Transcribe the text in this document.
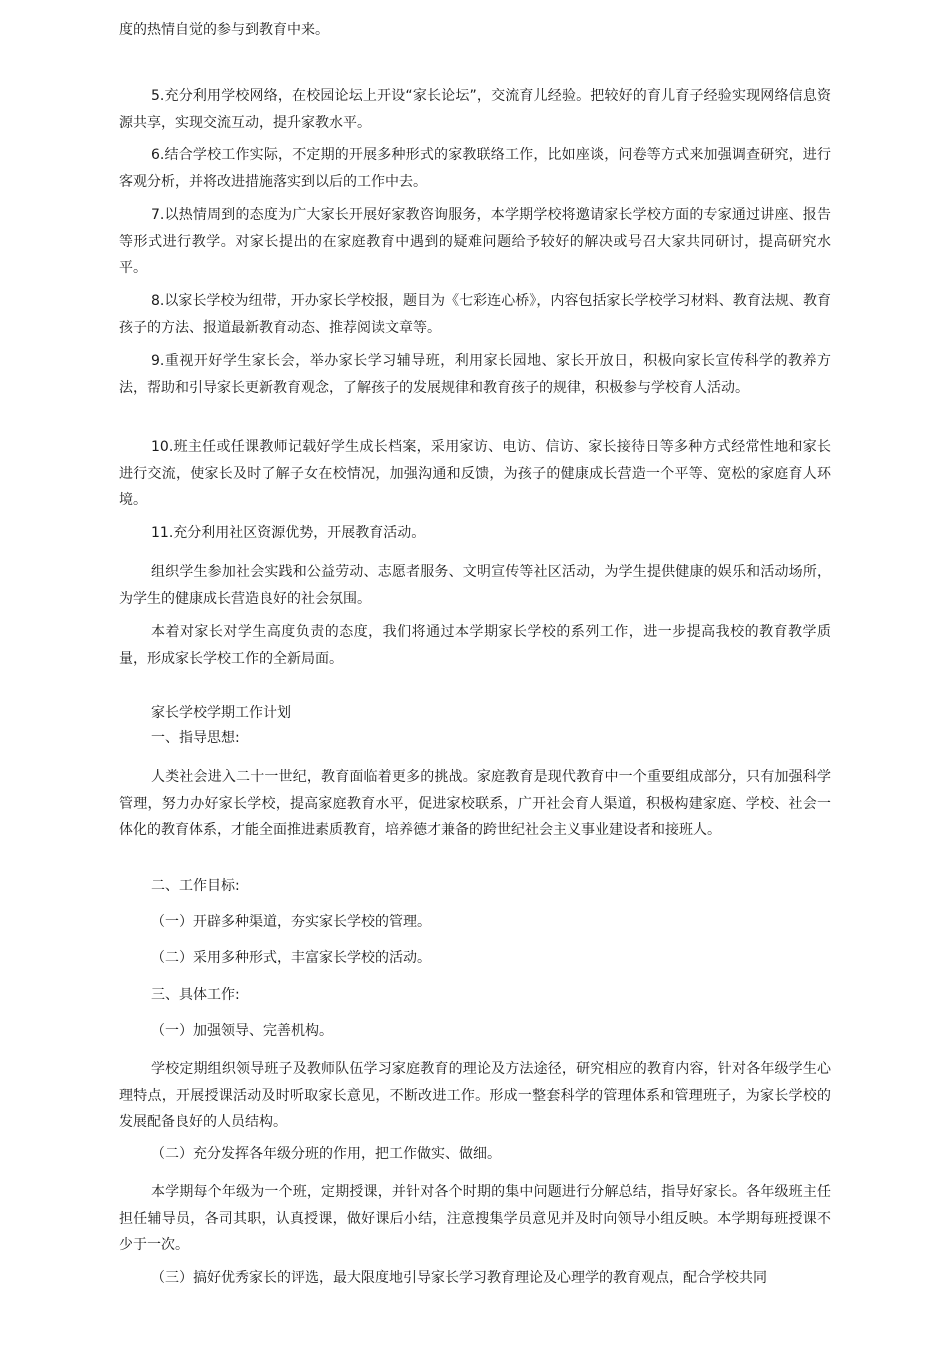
度的热情自觉的参与到教育中来。

5.充分利用学校网络，在校园论坛上开设“家长论坛”，交流育儿经验。把较好的育儿育子经验实现网络信息资源共享，实现交流互动，提升家教水平。

6.结合学校工作实际，不定期的开展多种形式的家教联络工作，比如座谈，问卷等方式来加强调查研究，进行客观分析，并将改进措施落实到以后的工作中去。

7.以热情周到的态度为广大家长开展好家教咨询服务，本学期学校将邀请家长学校方面的专家通过讲座、报告等形式进行教学。对家长提出的在家庭教育中遇到的疑难问题给予较好的解决或号召大家共同研讨，提高研究水平。

8.以家长学校为纽带，开办家长学校报，题目为《七彩连心桥》，内容包括家长学校学习材料、教育法规、教育孩子的方法、报道最新教育动态、推荐阅读文章等。

9.重视开好学生家长会，举办家长学习辅导班，利用家长园地、家长开放日，积极向家长宣传科学的教养方法，帮助和引导家长更新教育观念，了解孩子的发展规律和教育孩子的规律，积极参与学校育人活动。

10.班主任或任课教师记载好学生成长档案，采用家访、电访、信访、家长接待日等多种方式经常性地和家长进行交流，使家长及时了解子女在校情况，加强沟通和反馈，为孩子的健康成长营造一个平等、宽松的家庭育人环境。

11.充分利用社区资源优势，开展教育活动。

组织学生参加社会实践和公益劳动、志愿者服务、文明宣传等社区活动，为学生提供健康的娱乐和活动场所，为学生的健康成长营造良好的社会氛围。

本着对家长对学生高度负责的态度，我们将通过本学期家长学校的系列工作，进一步提高我校的教育教学质量，形成家长学校工作的全新局面。

家长学校学期工作计划

一、指导思想:

人类社会进入二十一世纪，教育面临着更多的挑战。家庭教育是现代教育中一个重要组成部分，只有加强科学管理，努力办好家长学校，提高家庭教育水平，促进家校联系，广开社会育人渠道，积极构建家庭、学校、社会一体化的教育体系，才能全面推进素质教育，培养德才兼备的跨世纪社会主义事业建设者和接班人。

二、工作目标:

（一）开辟多种渠道，夯实家长学校的管理。

（二）采用多种形式，丰富家长学校的活动。

三、具体工作:

（一）加强领导、完善机构。

学校定期组织领导班子及教师队伍学习家庭教育的理论及方法途径，研究相应的教育内容，针对各年级学生心理特点，开展授课活动及时听取家长意见，不断改进工作。形成一整套科学的管理体系和管理班子，为家长学校的发展配备良好的人员结构。

（二）充分发挥各年级分班的作用，把工作做实、做细。

本学期每个年级为一个班，定期授课，并针对各个时期的集中问题进行分解总结，指导好家长。各年级班主任担任辅导员，各司其职，认真授课，做好课后小结，注意搜集学员意见并及时向领导小组反映。本学期每班授课不少于一次。

（三）搞好优秀家长的评选，最大限度地引导家长学习教育理论及心理学的教育观点，配合学校共同
